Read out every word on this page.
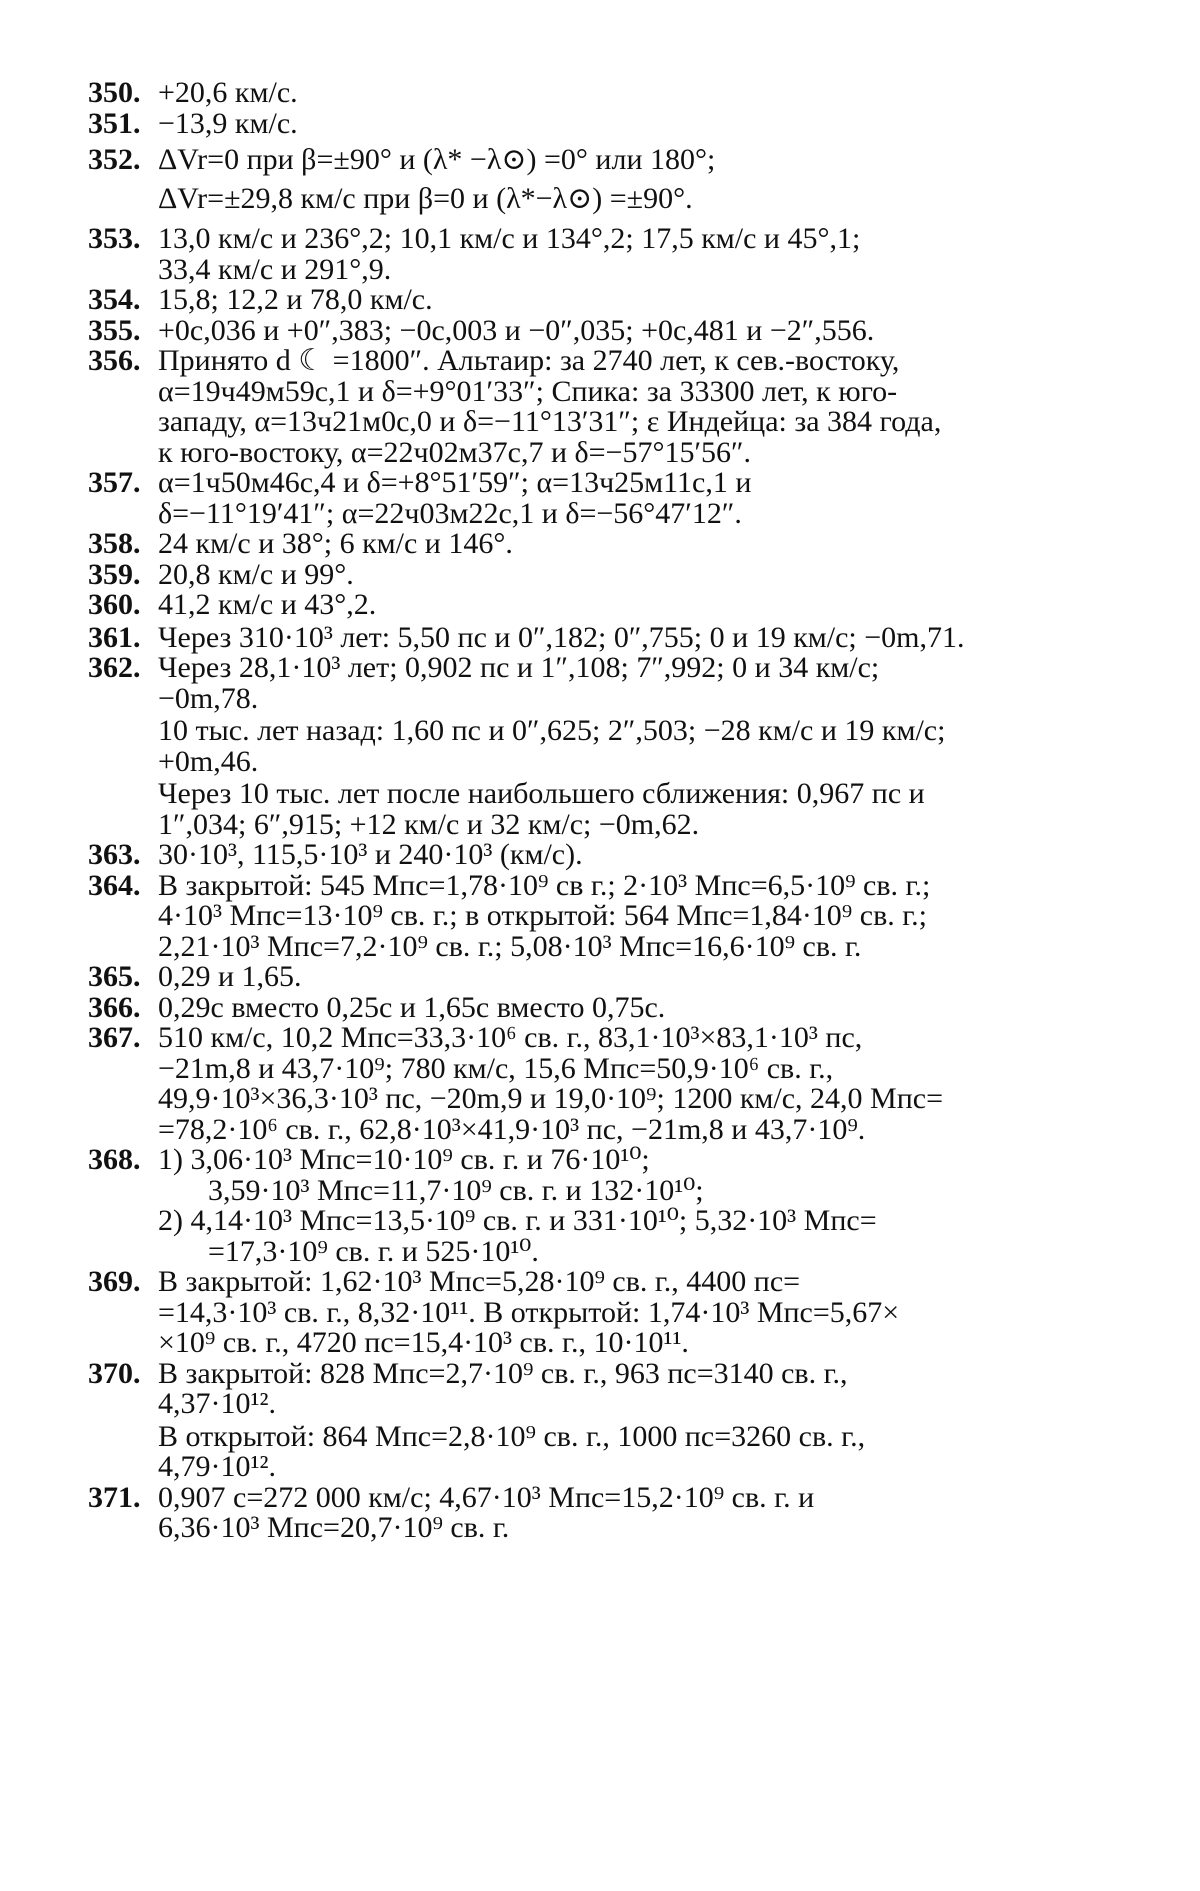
350. +20,6 км/с.
351. −13,9 км/с.
352. ΔVr=0 при β=±90° и (λ* −λ⊙) =0° или 180°;
ΔVr=±29,8 км/с при β=0 и (λ*−λ⊙) =±90°.
353. 13,0 км/с и 236°,2; 10,1 км/с и 134°,2; 17,5 км/с и 45°,1;
33,4 км/с и 291°,9.
354. 15,8; 12,2 и 78,0 км/с.
355. +0с,036 и +0″,383; −0с,003 и −0″,035; +0с,481 и −2″,556.
356. Принято d ☾ =1800″. Альтаир: за 2740 лет, к сев.-востоку,
α=19ч49м59с,1 и δ=+9°01′33″; Спика: за 33300 лет, к юго-
западу, α=13ч21м0с,0 и δ=−11°13′31″; ε Индейца: за 384 года,
к юго-востоку, α=22ч02м37с,7 и δ=−57°15′56″.
357. α=1ч50м46с,4 и δ=+8°51′59″; α=13ч25м11с,1 и
δ=−11°19′41″; α=22ч03м22с,1 и δ=−56°47′12″.
358. 24 км/с и 38°; 6 км/с и 146°.
359. 20,8 км/с и 99°.
360. 41,2 км/с и 43°,2.
361. Через 310·10³ лет: 5,50 пс и 0″,182; 0″,755; 0 и 19 км/с; −0m,71.
362. Через 28,1·10³ лет; 0,902 пс и 1″,108; 7″,992; 0 и 34 км/с;
−0m,78.
10 тыс. лет назад: 1,60 пс и 0″,625; 2″,503; −28 км/с и 19 км/с;
+0m,46.
Через 10 тыс. лет после наибольшего сближения: 0,967 пс и
1″,034; 6″,915; +12 км/с и 32 км/с; −0m,62.
363. 30·10³, 115,5·10³ и 240·10³ (км/с).
364. В закрытой: 545 Мпс=1,78·10⁹ св г.; 2·10³ Мпс=6,5·10⁹ св. г.;
4·10³ Мпс=13·10⁹ св. г.; в открытой: 564 Мпс=1,84·10⁹ св. г.;
2,21·10³ Мпс=7,2·10⁹ св. г.; 5,08·10³ Мпс=16,6·10⁹ св. г.
365. 0,29 и 1,65.
366. 0,29c вместо 0,25c и 1,65c вместо 0,75c.
367. 510 км/с, 10,2 Мпс=33,3·10⁶ св. г., 83,1·10³×83,1·10³ пс,
−21m,8 и 43,7·10⁹; 780 км/с, 15,6 Мпс=50,9·10⁶ св. г.,
49,9·10³×36,3·10³ пс, −20m,9 и 19,0·10⁹; 1200 км/с, 24,0 Мпс=
=78,2·10⁶ св. г., 62,8·10³×41,9·10³ пс, −21m,8 и 43,7·10⁹.
368. 1) 3,06·10³ Мпс=10·10⁹ св. г. и 76·10¹⁰;
3,59·10³ Мпс=11,7·10⁹ св. г. и 132·10¹⁰;
2) 4,14·10³ Мпс=13,5·10⁹ св. г. и 331·10¹⁰; 5,32·10³ Мпс=
=17,3·10⁹ св. г. и 525·10¹⁰.
369. В закрытой: 1,62·10³ Мпс=5,28·10⁹ св. г., 4400 пс=
=14,3·10³ св. г., 8,32·10¹¹. В открытой: 1,74·10³ Мпс=5,67×
×10⁹ св. г., 4720 пс=15,4·10³ св. г., 10·10¹¹.
370. В закрытой: 828 Мпс=2,7·10⁹ св. г., 963 пс=3140 св. г.,
4,37·10¹².
В открытой: 864 Мпс=2,8·10⁹ св. г., 1000 пс=3260 св. г.,
4,79·10¹².
371. 0,907 c=272 000 км/с; 4,67·10³ Мпс=15,2·10⁹ св. г. и
6,36·10³ Мпс=20,7·10⁹ св. г.
